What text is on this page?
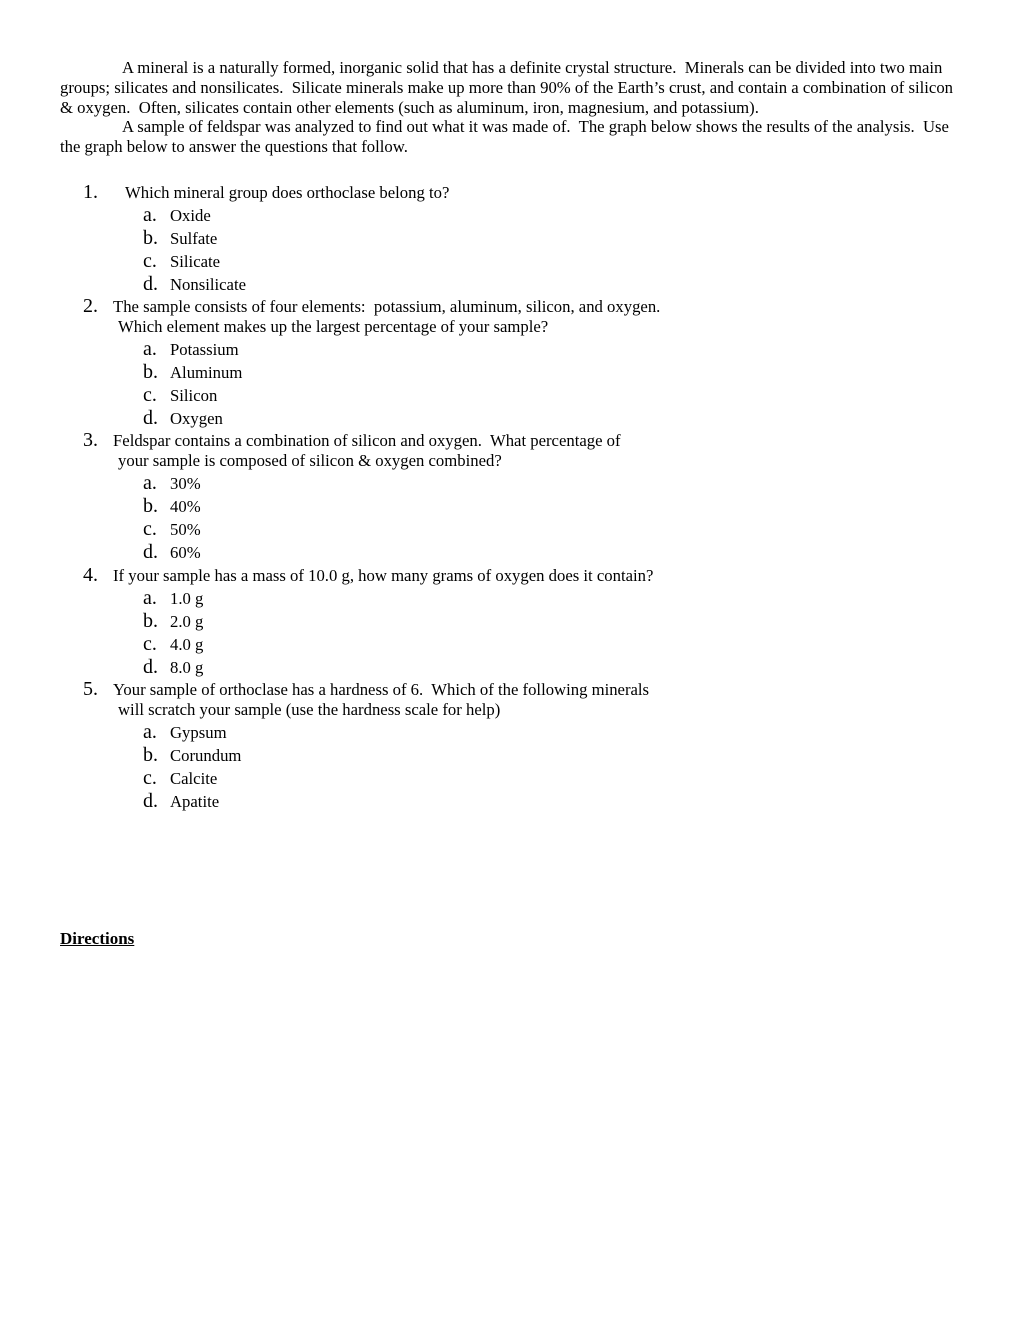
A mineral is a naturally formed, inorganic solid that has a definite crystal structure.  Minerals can be divided into two main
groups; silicates and nonsilicates.  Silicate minerals make up more than 90% of the Earth’s crust, and contain a combination of silicon
& oxygen.  Often, silicates contain other elements (such as aluminum, iron, magnesium, and potassium).
A sample of feldspar was analyzed to find out what it was made of.  The graph below shows the results of the analysis.  Use
the graph below to answer the questions that follow.
1. Which mineral group does orthoclase belong to?
a. Oxide
b. Sulfate
c. Silicate
d. Nonsilicate
2. The sample consists of four elements:  potassium, aluminum, silicon, and oxygen.
Which element makes up the largest percentage of your sample?
a. Potassium
b. Aluminum
c. Silicon
d. Oxygen
3. Feldspar contains a combination of silicon and oxygen.  What percentage of
your sample is composed of silicon & oxygen combined?
a. 30%
b. 40%
c. 50%
d. 60%
4. If your sample has a mass of 10.0 g, how many grams of oxygen does it contain?
a. 1.0 g
b. 2.0 g
c. 4.0 g
d. 8.0 g
5. Your sample of orthoclase has a hardness of 6.  Which of the following minerals
will scratch your sample (use the hardness scale for help)
a. Gypsum
b. Corundum
c. Calcite
d. Apatite
Directions
